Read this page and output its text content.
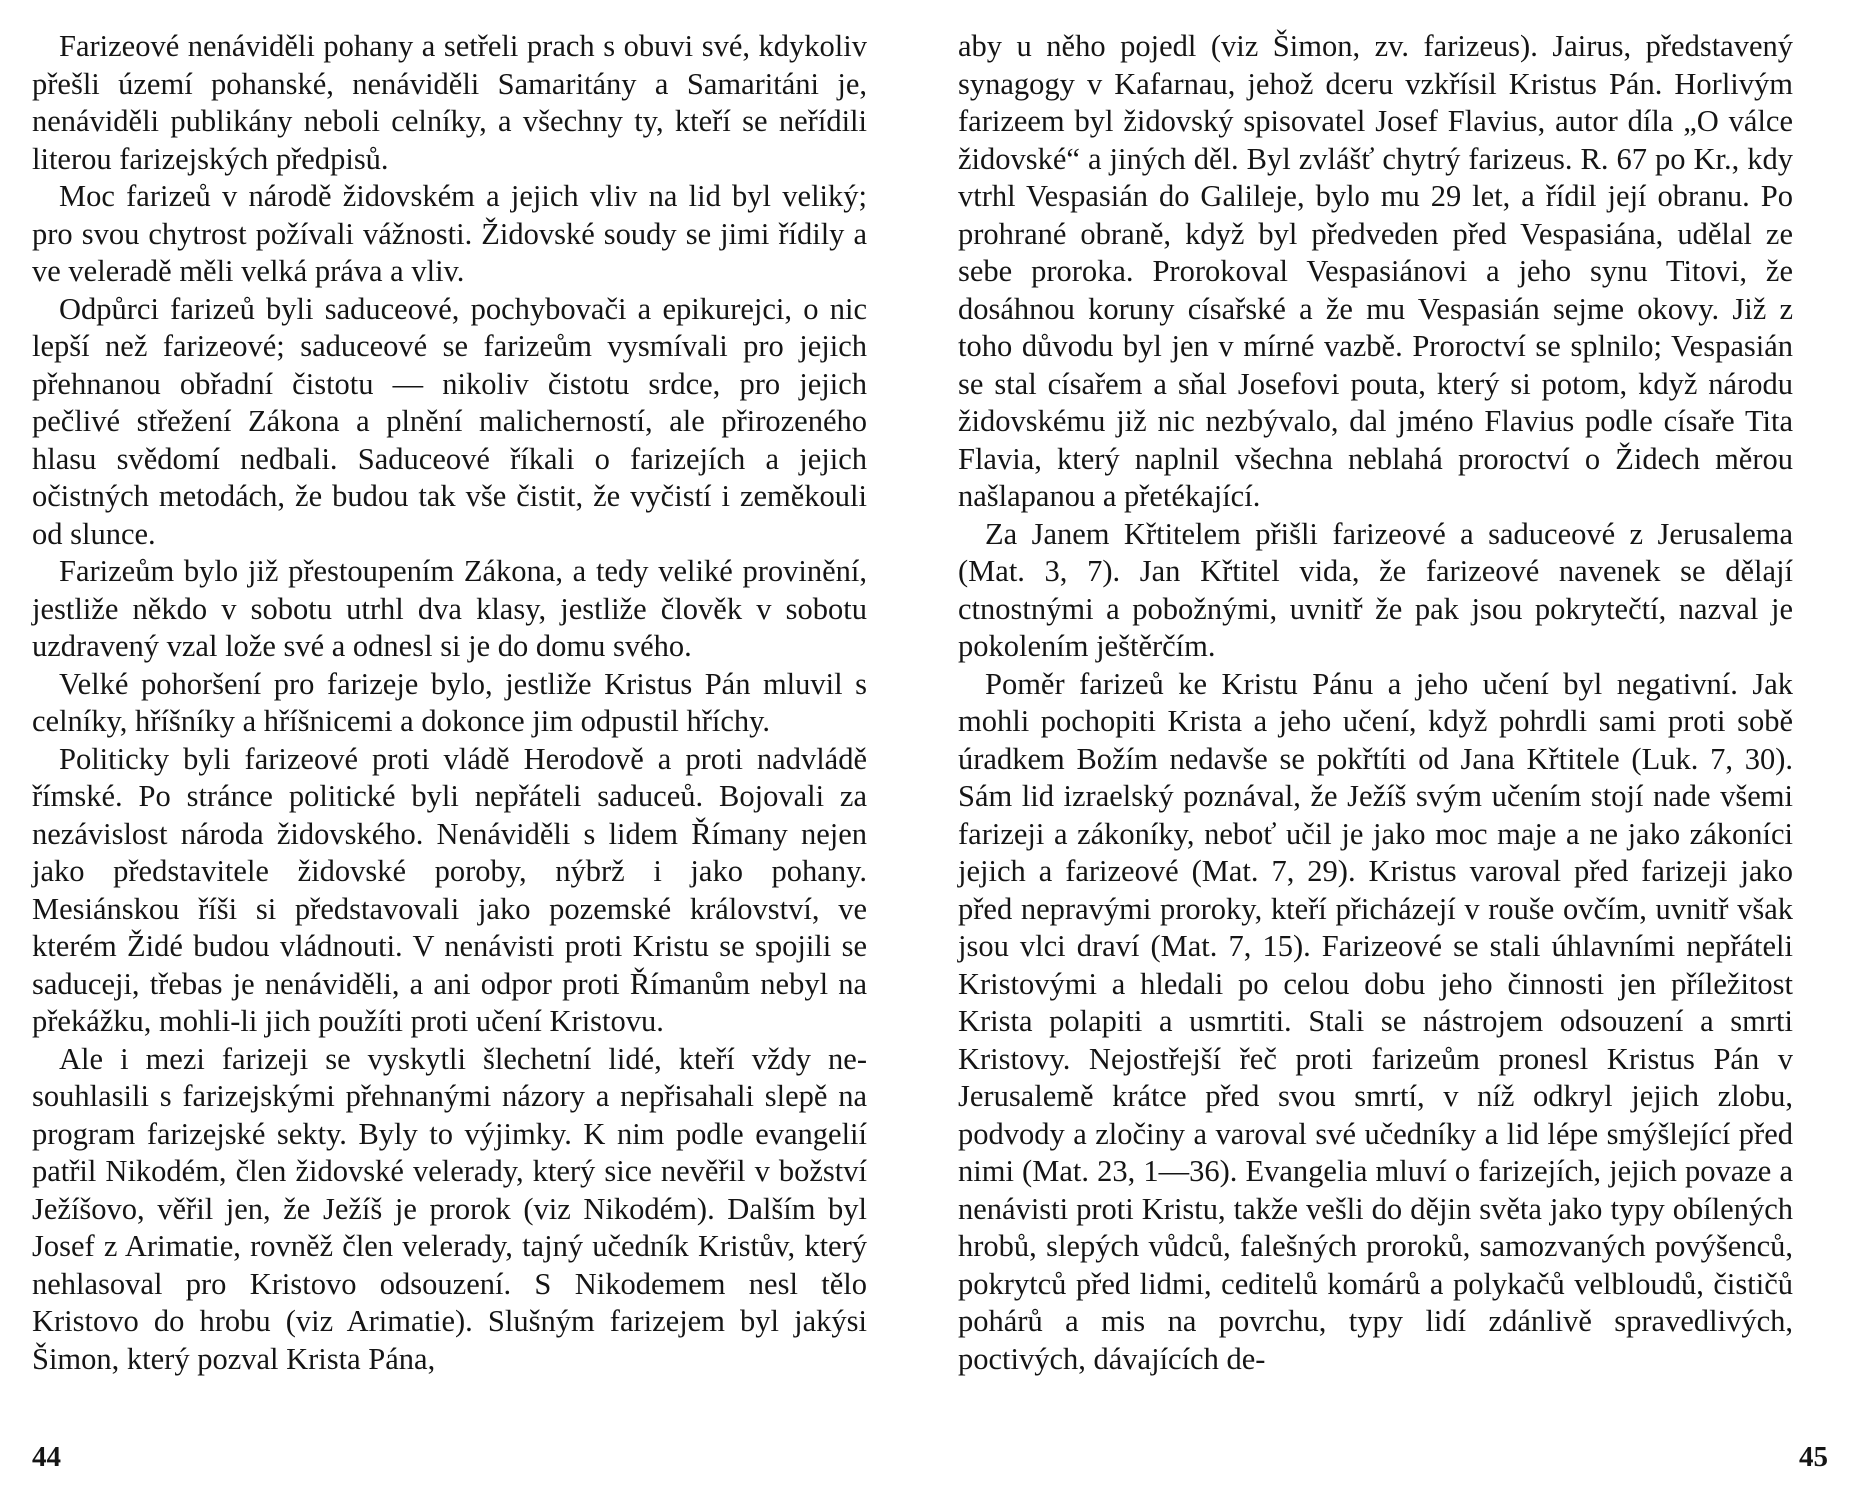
Farizeové nenáviděli pohany a setřeli prach s obuvi své, kdykoliv přešli území pohanské, nenáviděli Samaritány a Samaritáni je, nenáviděli publikány neboli celníky, a všechny ty, kteří se neřídili literou farizejských předpisů.

Moc farizeů v národě židovském a jejich vliv na lid byl veliký; pro svou chytrost požívali vážnosti. Židovské soudy se jimi řídily a ve veleradě měli velká práva a vliv.

Odpůrci farizeů byli saduceové, pochybovači a epikurejci, o nic lepší než farizeové; saduceové se farizeům vysmívali pro jejich přehnanou obřadní čistotu — nikoliv čistotu srdce, pro jejich pečlivé střežení Zákona a plnění malicherností, ale přirozeného hlasu svědomí nedbali. Saduceové říkali o farizejích a jejich očistných metodách, že budou tak vše čistit, že vyčistí i zeměkouli od slunce.

Farizeům bylo již přestoupením Zákona, a tedy veliké provinění, jestliže někdo v sobotu utrhl dva klasy, jestliže člověk v sobotu uzdravený vzal lože své a odnesl si je do domu svého.

Velké pohoršení pro farizeje bylo, jestliže Kristus Pán mluvil s celníky, hříšníky a hříšnicemi a dokonce jim odpustil hříchy.

Politicky byli farizeové proti vládě Herodově a proti nadvládě římské. Po stránce politické byli nepřáteli saduceů. Bojovali za nezávislost národa židovského. Nenáviděli s lidem Římany nejen jako představitele židovské poroby, nýbrž i jako pohany. Mesiánskou říši si představovali jako pozemské království, ve kterém Židé budou vládnouti. V nenávisti proti Kristu se spojili se saduceji, třebas je nenáviděli, a ani odpor proti Římanům nebyl na překážku, mohli-li jich použíti proti učení Kristovu.

Ale i mezi farizeji se vyskytli šlechetní lidé, kteří vždy nesouhlasili s farizejskými přehnanými názory a nepřisahali slepě na program farizejské sekty. Byly to výjimky. K nim podle evangelií patřil Nikodém, člen židovské velerady, který sice nevěřil v božství Ježíšovo, věřil jen, že Ježíš je prorok (viz Nikodém). Dalším byl Josef z Arimatie, rovněž člen velerady, tajný učedník Kristův, který nehlasoval pro Kristovo odsouzení. S Nikodemem nesl tělo Kristovo do hrobu (viz Arimatie). Slušným farizejem byl jakýsi Šimon, který pozval Krista Pána,

44

aby u něho pojedl (viz Šimon, zv. farizeus). Jairus, představený synagogy v Kafarnau, jehož dceru vzkřísil Kristus Pán. Horlivým farizeem byl židovský spisovatel Josef Flavius, autor díla „O válce židovské“ a jiných děl. Byl zvlášť chytrý farizeus. R. 67 po Kr., kdy vtrhl Vespasián do Galileje, bylo mu 29 let, a řídil její obranu. Po prohrané obraně, když byl předveden před Vespasiána, udělal ze sebe proroka. Prorokoval Vespasiánovi a jeho synu Titovi, že dosáhnou koruny císařské a že mu Vespasián sejme okovy. Již z toho důvodu byl jen v mírné vazbě. Proroctví se splnilo; Vespasián se stal císařem a sňal Josefovi pouta, který si potom, když národu židovskému již nic nezbývalo, dal jméno Flavius podle císaře Tita Flavia, který naplnil všechna neblahá proroctví o Židech měrou našlapanou a přetékající.

Za Janem Křtitelem přišli farizeové a saduceové z Jerusalema (Mat. 3, 7). Jan Křtitel vida, že farizeové navenek se dělají ctnostnými a pobožnými, uvnitř že pak jsou pokrytečtí, nazval je pokolením ještěrčím.

Poměr farizeů ke Kristu Pánu a jeho učení byl negativní. Jak mohli pochopiti Krista a jeho učení, když pohrdli sami proti sobě úradkem Božím nedavše se pokřtíti od Jana Křtitele (Luk. 7, 30). Sám lid izraelský poznával, že Ježíš svým učením stojí nade všemi farizeji a zákoníky, neboť učil je jako moc maje a ne jako zákoníci jejich a farizeové (Mat. 7, 29). Kristus varoval před farizeji jako před nepravými proroky, kteří přicházejí v rouše ovčím, uvnitř však jsou vlci draví (Mat. 7, 15). Farizeové se stali úhlavními nepřáteli Kristovými a hledali po celou dobu jeho činnosti jen příležitost Krista polapiti a usmrtiti. Stali se nástrojem odsouzení a smrti Kristovy. Nejostřejší řeč proti farizeům pronesl Kristus Pán v Jerusalemě krátce před svou smrtí, v níž odkryl jejich zlobu, podvody a zločiny a varoval své učedníky a lid lépe smýšlející před nimi (Mat. 23, 1—36). Evangelia mluví o farizejích, jejich povaze a nenávisti proti Kristu, takže vešli do dějin světa jako typy obílených hrobů, slepých vůdců, falešných proroků, samozvaných povýšenců, pokrytců před lidmi, ceditelů komárů a polykačů velbloudů, čističů pohárů a mis na povrchu, typy lidí zdánlivě spravedlivých, poctivých, dávajících de-

45
